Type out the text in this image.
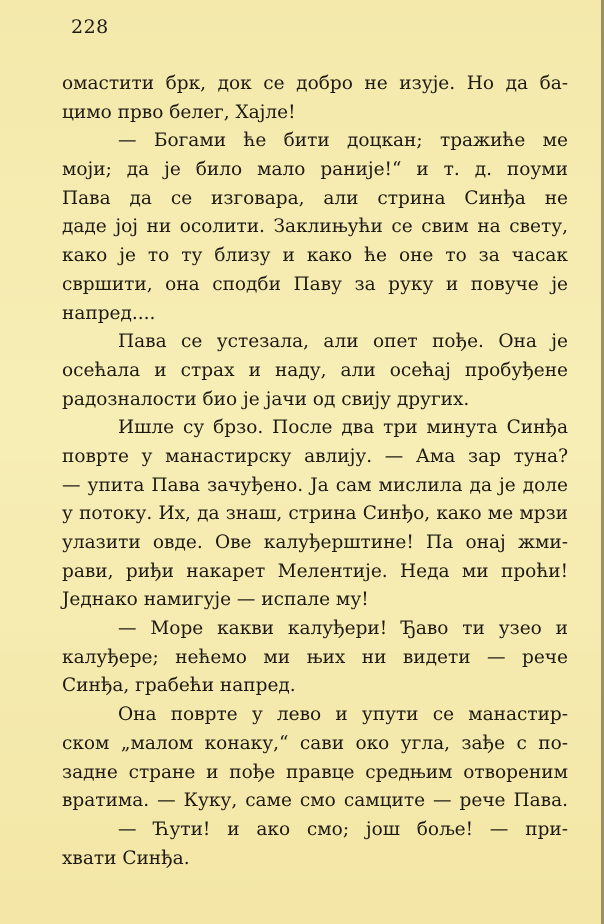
228
омастити брк, док се добро не изује. Но да ба-
цимо прво белег, Хајле!
— Богами ће бити доцкан; тражиће ме
моји; да је било мало раније!“ и т. д. поуми
Пава да се изговара, али стрина Синђа не
даде јој ни осолити. Заклињући се свим на свету,
како је то ту близу и како ће оне то за часак
свршити, она сподби Паву за руку и повуче је
напред....
Пава се устезала, али опет пође. Она је
осећала и страх и наду, али осећај пробуђене
радозналости био је јачи од свију других.
Ишле су брзо. После два три минута Синђа
поврте у манастирску авлију. — Ама зар туна?
— упита Пава зачуђено. Ја сам мислила да је доле
у потоку. Их, да знаш, стрина Синђо, како ме мрзи
улазити овде. Ове калуђерштине! Па онај жми-
рави, риђи накарет Мелентије. Неда ми проћи!
Једнако намигује — испале му!
— Море какви калуђери! Ђаво ти узео и
калуђере; нећемо ми њих ни видети — рече
Синђа, грабећи напред.
Она поврте у лево и упути се манастир-
ском „малом конаку,“ сави око угла, зађе с по-
задне стране и пође правце средњим отвореним
вратима. — Куку, саме смо самците — рече Пава.
— Ћути! и ако смо; још боље! — при-
хвати Синђа.
